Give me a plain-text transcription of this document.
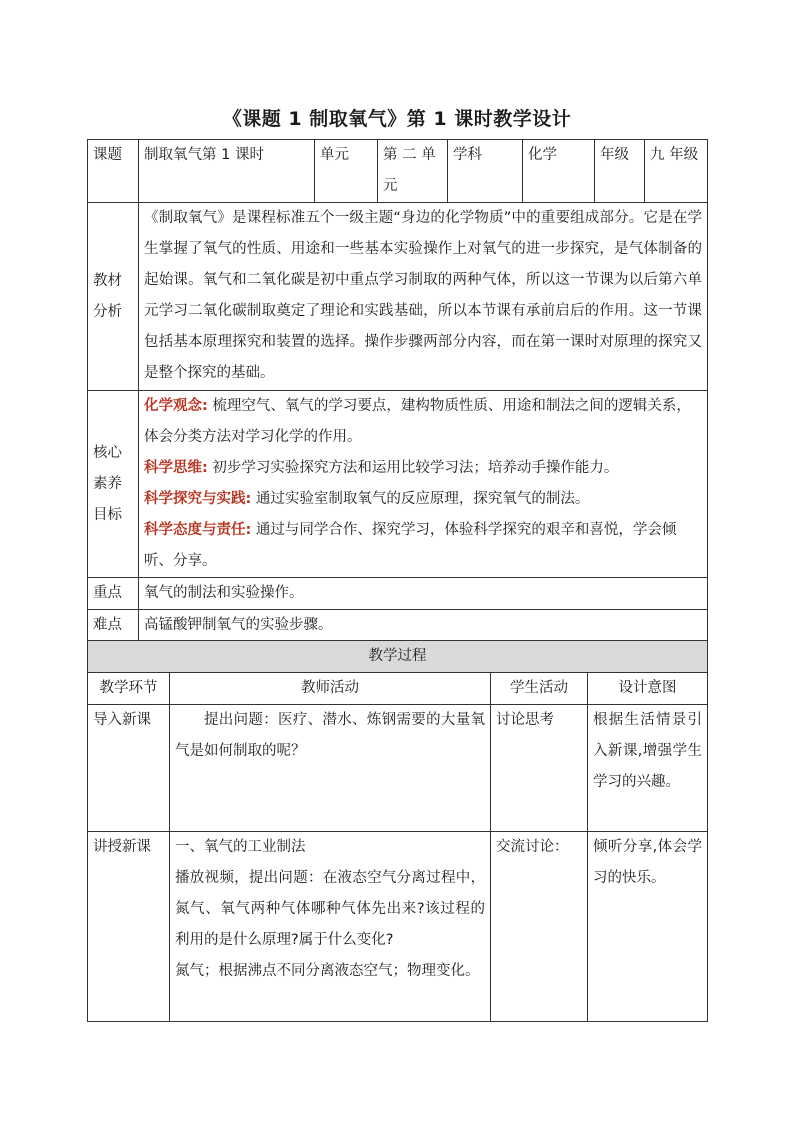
《课题 1 制取氧气》第 1 课时教学设计
课题	制取氧气第 1 课时	单元	第 二 单元	学科	化学	年级	九 年级
教材分析	《制取氧气》是课程标准五个一级主题“身边的化学物质”中的重要组成部分。它是在学生掌握了氧气的性质、用途和一些基本实验操作上对氧气的进一步探究，是气体制备的起始课。氧气和二氧化碳是初中重点学习制取的两种气体，所以这一节课为以后第六单元学习二氧化碳制取奠定了理论和实践基础，所以本节课有承前启后的作用。这一节课包括基本原理探究和装置的选择。操作步骤两部分内容，而在第一课时对原理的探究又是整个探究的基础。						
核心素养目标	化学观念: 梳理空气、氧气的学习要点，建构物质性质、用途和制法之间的逻辑关系，体会分类方法对学习化学的作用。
科学思维: 初步学习实验探究方法和运用比较学习法；培养动手操作能力。
科学探究与实践: 通过实验室制取氧气的反应原理，探究氧气的制法。
科学态度与责任: 通过与同学合作、探究学习，体验科学探究的艰辛和喜悦，学会倾听、分享。						

重点	氧气的制法和实验操作。						
难点	高锰酸钾制氧气的实验步骤。						
教学过程			
教学环节	教师活动	学生活动	设计意图
导入新课	提出问题：医疗、潜水、炼钢需要的大量氧气是如何制取的呢？	讨论思考	根据生活情景引入新课,增强学生学习的兴趣。
讲授新课	一、氧气的工业制法
播放视频，提出问题：在液态空气分离过程中，氮气、氧气两种气体哪种气体先出来?该过程的利用的是什么原理?属于什么变化?
氮气；根据沸点不同分离液态空气；物理变化。	交流讨论：	倾听分享,体会学习的快乐。
